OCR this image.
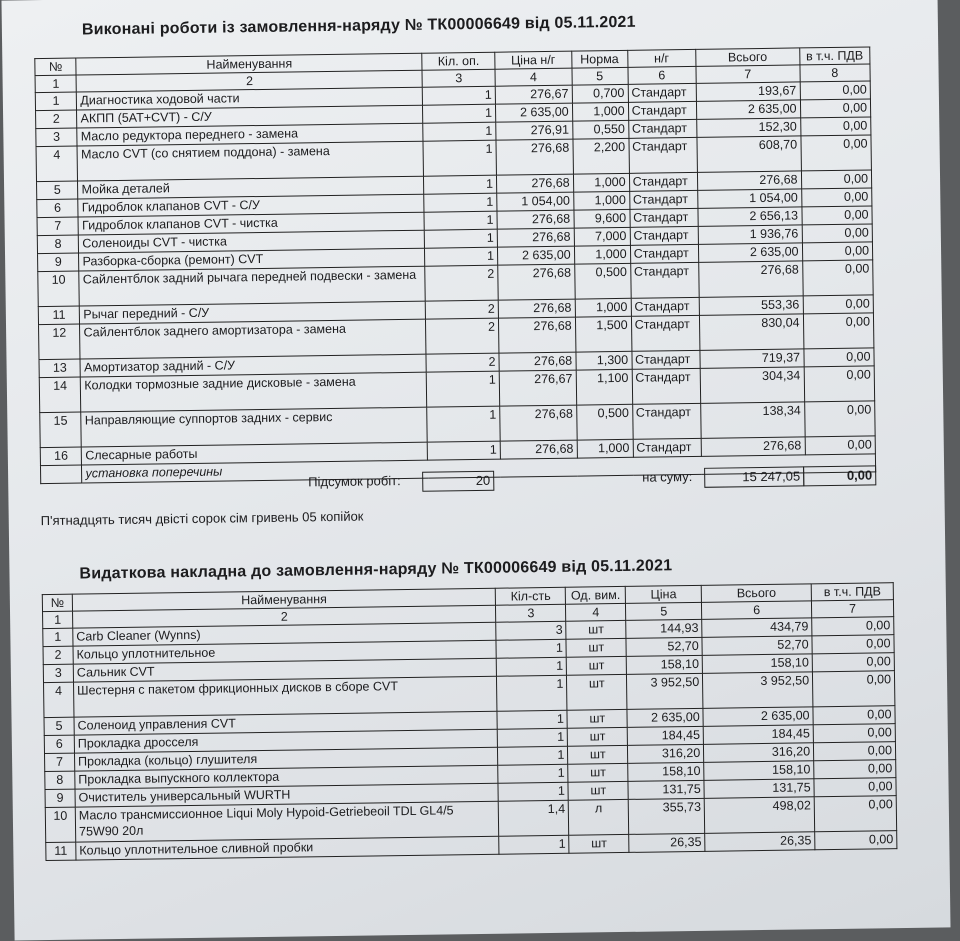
Виконані роботи із замовлення-наряду № ТК00006649 від 05.11.2021
№	Найменування	Кіл. оп.	Ціна н/г	Норма	н/г	Всього	в т.ч. ПДВ
1	2	3	4	5	6	7	8
1	Диагностика ходовой части	1	276,67	0,700	Стандарт	193,67	0,00
2	АКПП (5AT+CVT) - С/У	1	2 635,00	1,000	Стандарт	2 635,00	0,00
3	Масло редуктора переднего - замена	1	276,91	0,550	Стандарт	152,30	0,00
4	Масло CVT (со снятием поддона) - замена	1	276,68	2,200	Стандарт	608,70	0,00
5	Мойка деталей	1	276,68	1,000	Стандарт	276,68	0,00
6	Гидроблок клапанов CVT - С/У	1	1 054,00	1,000	Стандарт	1 054,00	0,00
7	Гидроблок клапанов CVT - чистка	1	276,68	9,600	Стандарт	2 656,13	0,00
8	Соленоиды CVT - чистка	1	276,68	7,000	Стандарт	1 936,76	0,00
9	Разборка-сборка (ремонт) CVT	1	2 635,00	1,000	Стандарт	2 635,00	0,00
10	Сайлентблок задний рычага передней подвески - замена	2	276,68	0,500	Стандарт	276,68	0,00
11	Рычаг передний - С/У	2	276,68	1,000	Стандарт	553,36	0,00
12	Сайлентблок заднего амортизатора - замена	2	276,68	1,500	Стандарт	830,04	0,00
13	Амортизатор задний - С/У	2	276,68	1,300	Стандарт	719,37	0,00
14	Колодки тормозные задние дисковые - замена	1	276,67	1,100	Стандарт	304,34	0,00
15	Направляющие суппортов задних - сервис	1	276,68	0,500	Стандарт	138,34	0,00
16	Слесарные работы	1	276,68	1,000	Стандарт	276,68	0,00
	установка поперечины						
Підсумок робіт:	20	на суму:	15 247,05	0,00
П'ятнадцять тисяч двісті сорок сім гривень 05 копійок
Видаткова накладна до замовлення-наряду № ТК00006649 від 05.11.2021
№	Найменування	Кіл-сть	Од. вим.	Ціна	Всього	в т.ч. ПДВ
1	2	3	4	5	6	7
1	Carb Cleaner (Wynns)	3	шт	144,93	434,79	0,00
2	Кольцо уплотнительное	1	шт	52,70	52,70	0,00
3	Сальник CVT	1	шт	158,10	158,10	0,00
4	Шестерня с пакетом фрикционных дисков в сборе CVT	1	шт	3 952,50	3 952,50	0,00
5	Соленоид управления CVT	1	шт	2 635,00	2 635,00	0,00
6	Прокладка дросселя	1	шт	184,45	184,45	0,00
7	Прокладка (кольцо) глушителя	1	шт	316,20	316,20	0,00
8	Прокладка выпускного коллектора	1	шт	158,10	158,10	0,00
9	Очиститель универсальный WURTH	1	шт	131,75	131,75	0,00
10	Масло трансмиссионное Liqui Moly Hypoid-Getriebeoil TDL GL4/5 75W90 20л	1,4	л	355,73	498,02	0,00
11	Кольцо уплотнительное сливной пробки	1	шт	26,35	26,35	0,00
